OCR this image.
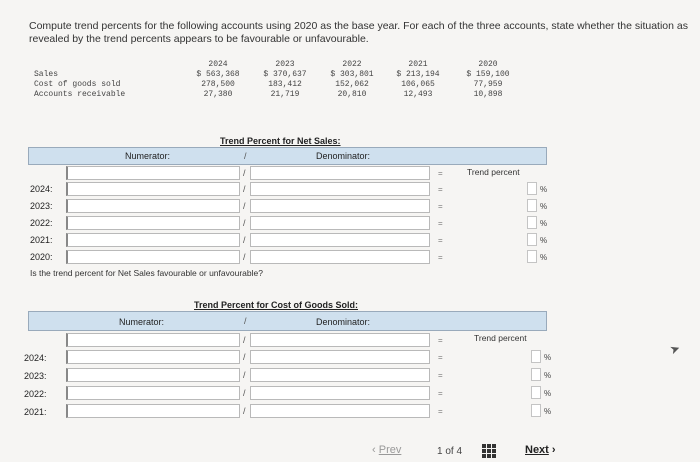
Compute trend percents for the following accounts using 2020 as the base year. For each of the three accounts, state whether the situation as revealed by the trend percents appears to be favourable or unfavourable.
2024	2023	2022	2021	2020
Sales	$ 563,368	$ 370,637	$ 303,801	$ 213,194	$ 159,100
Cost of goods sold	278,500	183,412	152,062	106,065	77,959
Accounts receivable	27,380	21,719	20,810	12,493	10,898
Trend Percent for Net Sales:
Numerator:	/	Denominator:
Trend percent
/	=
2024:	/	=	%
2023:	/	=	%
2022:	/	=	%
2021:	/	=	%
2020:	/	=	%
Is the trend percent for Net Sales favourable or unfavourable?
Trend Percent for Cost of Goods Sold:
Numerator:	/	Denominator:
Trend percent
/	=
2024:	/	=	%
2023:	/	=	%
2022:	/	=	%
2021:	/	=	%
‹ Prev	1 of 4	Next ›
➤
